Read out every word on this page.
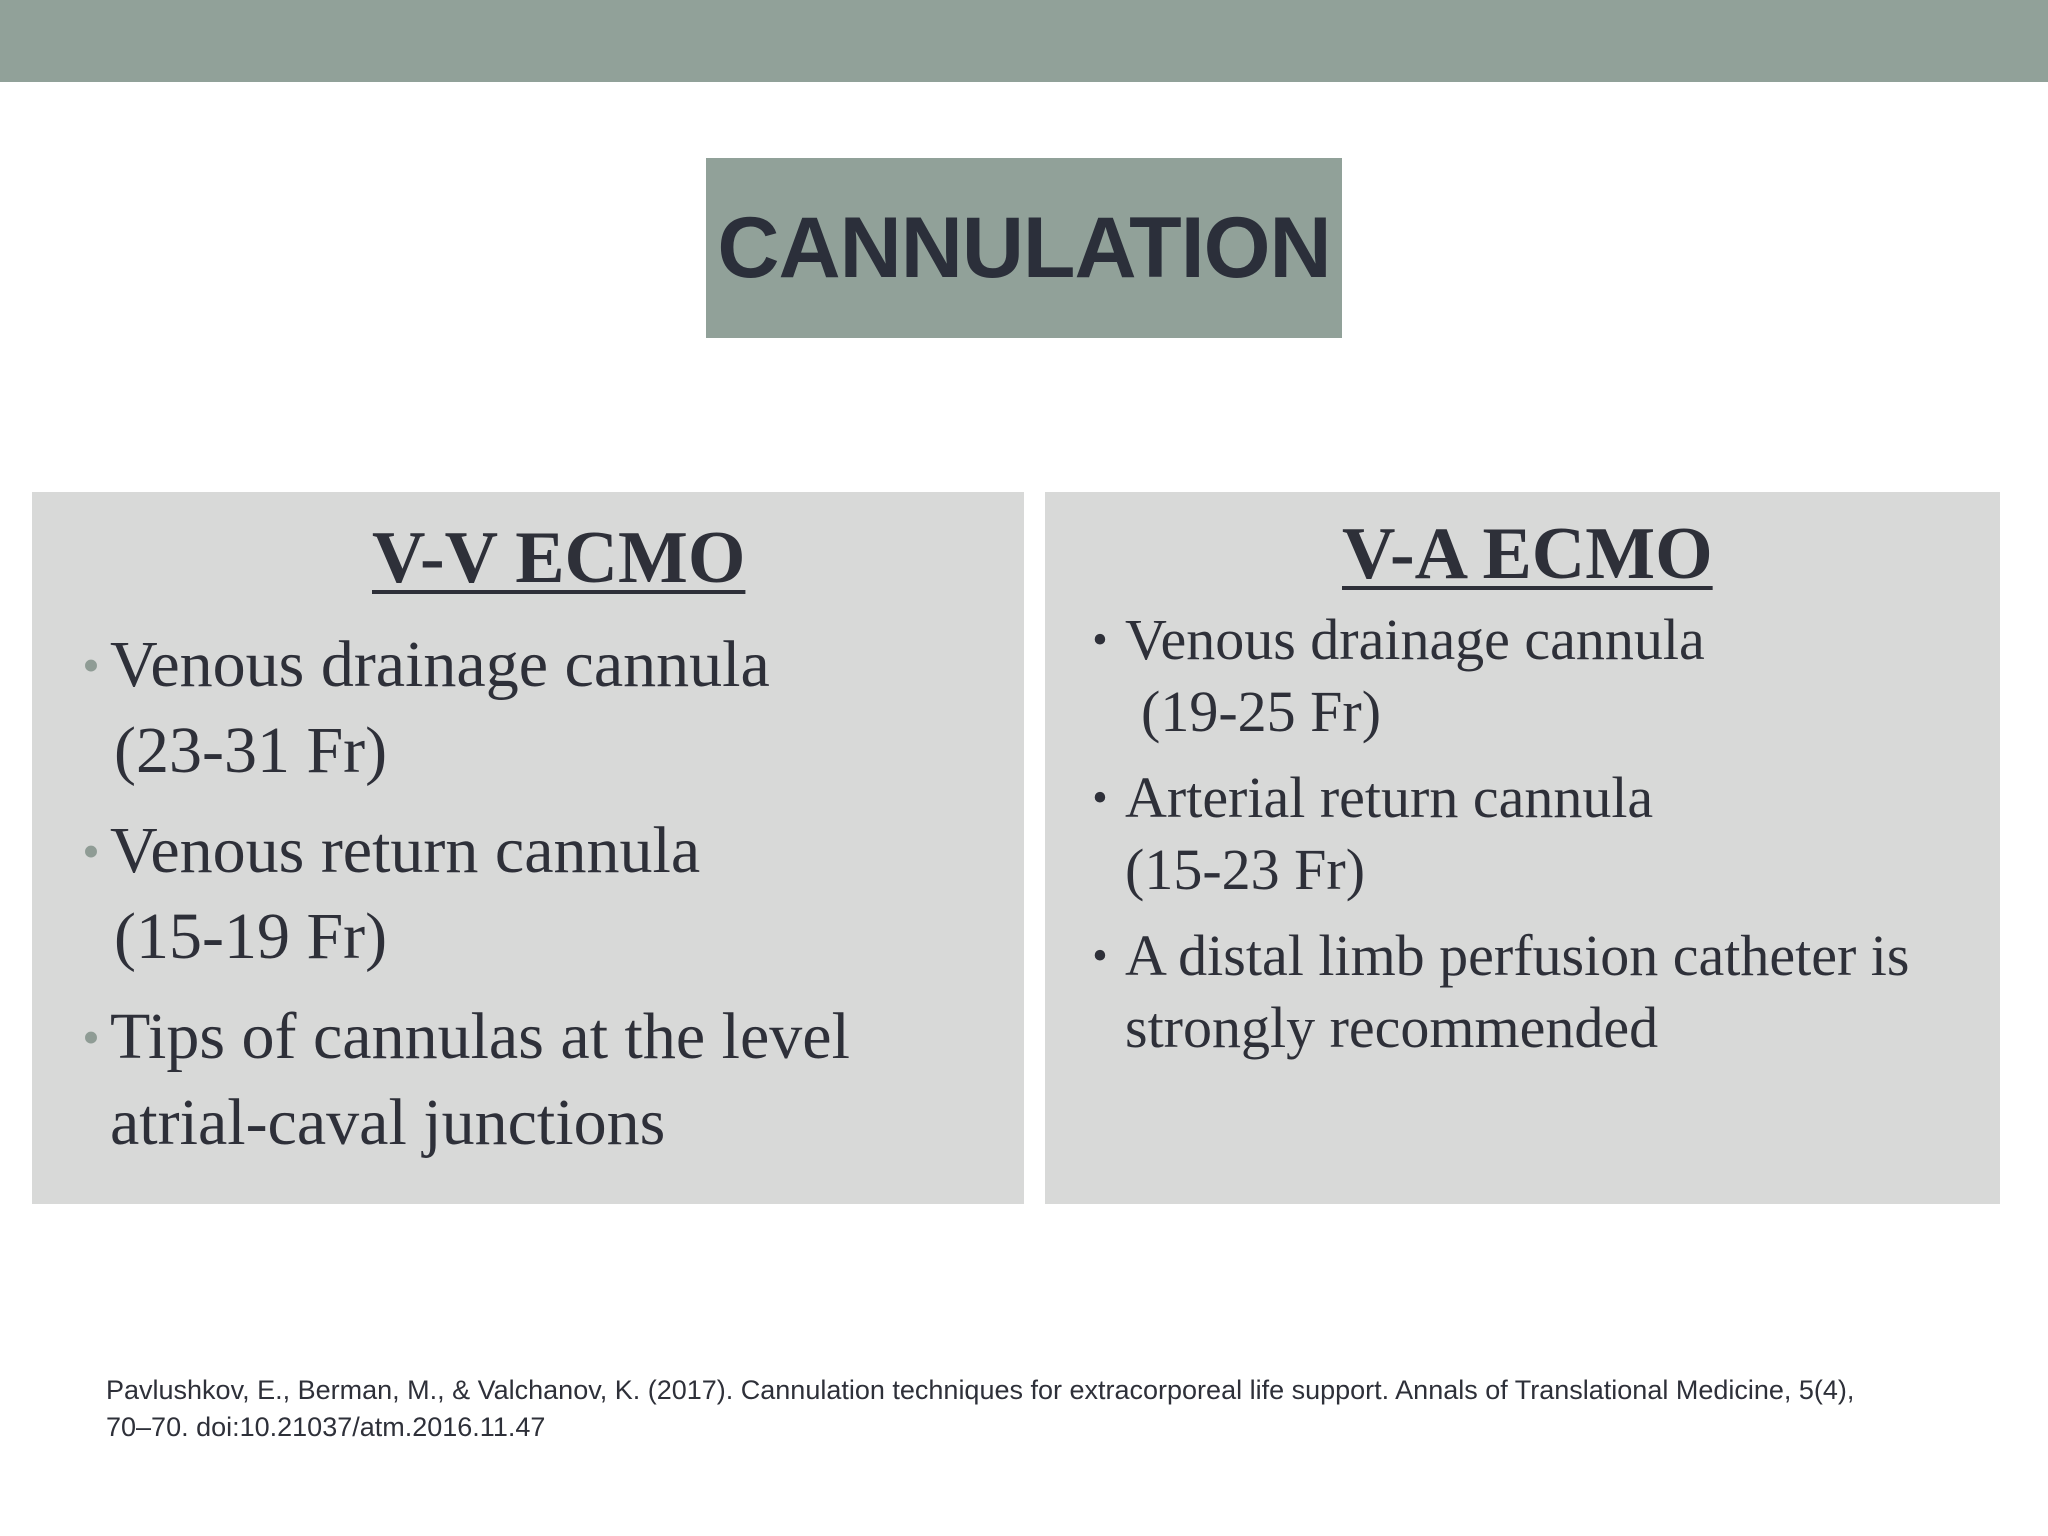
CANNULATION
V-V ECMO
• Venous drainage cannula
(23-31 Fr)
• Venous return cannula
(15-19 Fr)
• Tips of cannulas at the level
atrial-caval junctions
V-A ECMO
• Venous drainage cannula
(19-25 Fr)
• Arterial return cannula
(15-23 Fr)
• A distal limb perfusion catheter is
strongly recommended
Pavlushkov, E., Berman, M., & Valchanov, K. (2017). Cannulation techniques for extracorporeal life support. Annals of Translational Medicine, 5(4),
70–70. doi:10.21037/atm.2016.11.47
